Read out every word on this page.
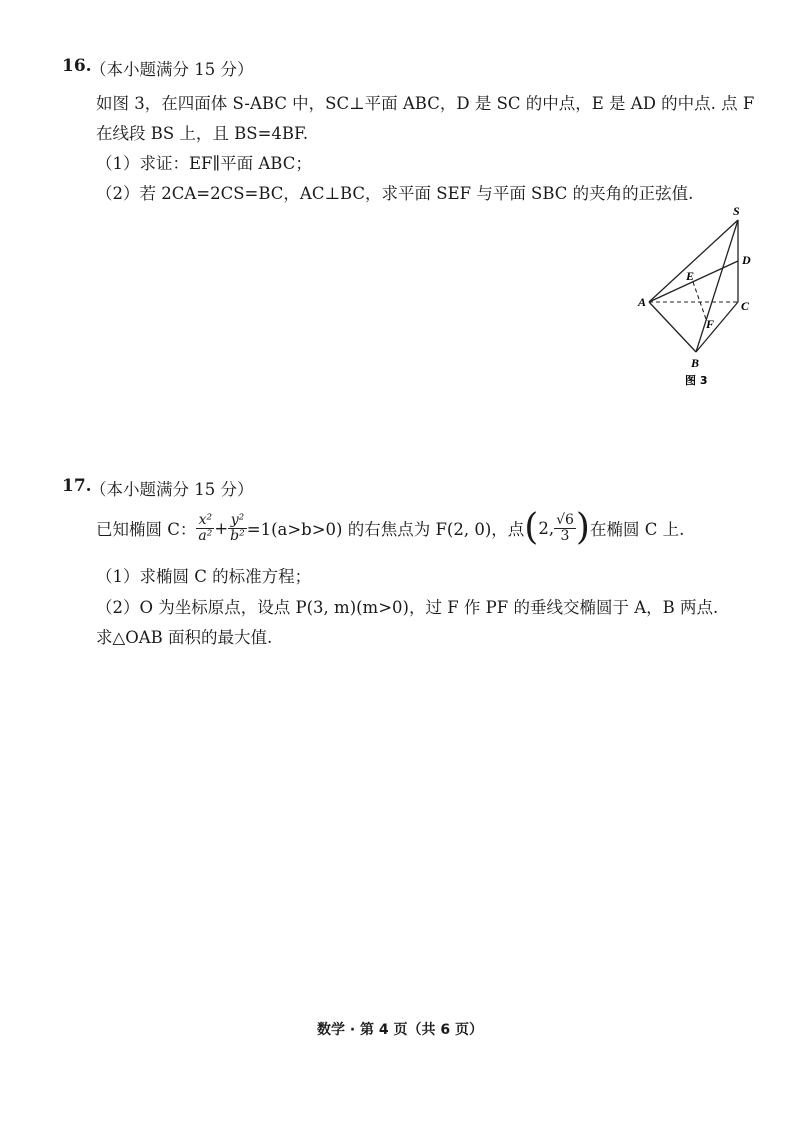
16.
（本小题满分 15 分）
如图 3，在四面体 S-ABC 中，SC⊥平面 ABC，D 是 SC 的中点，E 是 AD 的中点. 点 F
在线段 BS 上，且 BS=4BF.
（1）求证：EF∥平面 ABC；
（2）若 2CA=2CS=BC，AC⊥BC，求平面 SEF 与平面 SBC 的夹角的正弦值.
S
D
E
A	C
F
B
图 3
17.
（本小题满分 15 分）
已知椭圆 C： $\frac{\text{x²}}{\text{a²}} + \frac{\text{y²}}{\text{b²}} =1(a>b>0)$ 的右焦点为 F(2, 0)，点 ( 2, $\frac{√6}{3}$ ) 在椭圆 C 上.
（1）求椭圆 C 的标准方程；
（2）O 为坐标原点，设点 P(3, m)(m>0)，过 F 作 PF 的垂线交椭圆于 A，B 两点.
求△OAB 面积的最大值.
数学 · 第 4 页（共 6 页）
